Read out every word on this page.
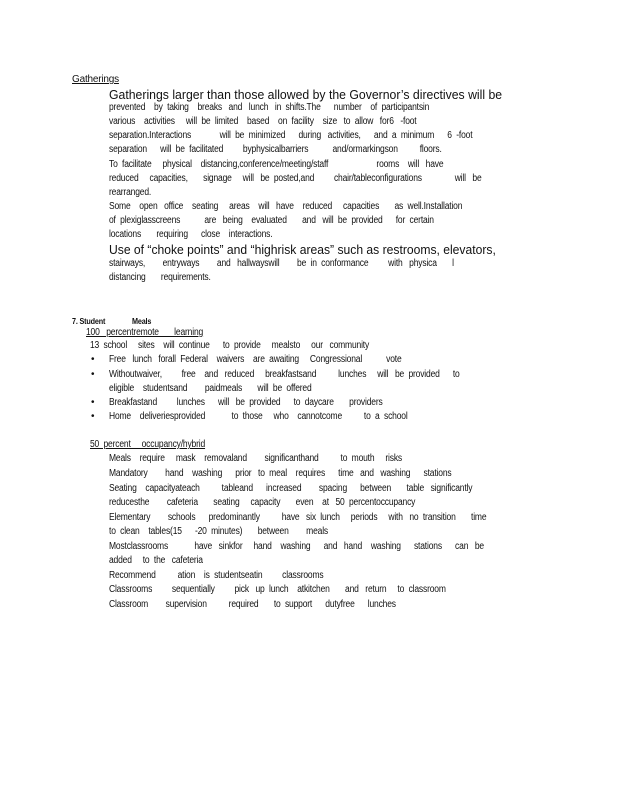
Gatherings
Gatherings larger than those allowed by the Governor’s directives will be
prevented    by  taking    breaks   and   lunch   in  shifts.The      number    of  participantsin
various    activities     will  be  limited    based    on  facility    size   to  allow   for6   -foot
separation.Interactions             will  be  minimized      during   activities,      and  a  minimum      6  -foot
separation      will  be  facilitated         byphysicalbarriers           and/ormarkingson          floors.
To  facilitate     physical    distancing,conference/meeting/staff                      rooms    will   have
reduced     capacities,       signage     will   be  posted,and         chair/tableconfigurations               will   be
rearranged.
Some    open   office    seating     areas    will   have    reduced     capacities       as  well.Installation
of  plexiglasscreens           are   being    evaluated       and   will  be  provided      for  certain
locations       requiring      close    interactions.
Use of “choke points” and “highrisk areas” such as restrooms, elevators,
stairways,        entryways        and   hallwayswill        be  in  conformance         with   physica       l
distancing       requirements.
7. Student	Meals
100   percentremote       learning
13  school     sites    will  continue      to  provide     mealsto     our   community
• Free   lunch   forall  Federal    waivers    are  awaiting     Congressional           vote
• Withoutwaiver,         free    and   reduced     breakfastsand          lunches     will   be  provided      to
eligible    studentsand        paidmeals       will  be  offered
• Breakfastand         lunches      will   be  provided      to  daycare       providers
• Home    deliveriesprovided            to  those     who    cannotcome          to  a  school
50  percent     occupancy/hybrid
Meals    require     mask    removaland        significanthand          to  mouth     risks
Mandatory        hand    washing      prior   to  meal    requires      time   and   washing      stations
Seating    capacityateach          tableand      increased        spacing      between       table   significantly
reducesthe        cafeteria       seating     capacity       even    at   50  percentoccupancy
Elementary        schools      predominantly          have   six  lunch     periods     with   no  transition       time
to  clean    tables(15      -20  minutes)       between        meals
Mostclassrooms            have   sinkfor     hand    washing      and   hand    washing      stations      can   be
added     to  the   cafeteria
Recommend          ation    is  studentseatin         classrooms
Classrooms         sequentially         pick   up  lunch    atkitchen       and   return     to  classroom
Classroom        supervision          required       to  support      dutyfree      lunches
